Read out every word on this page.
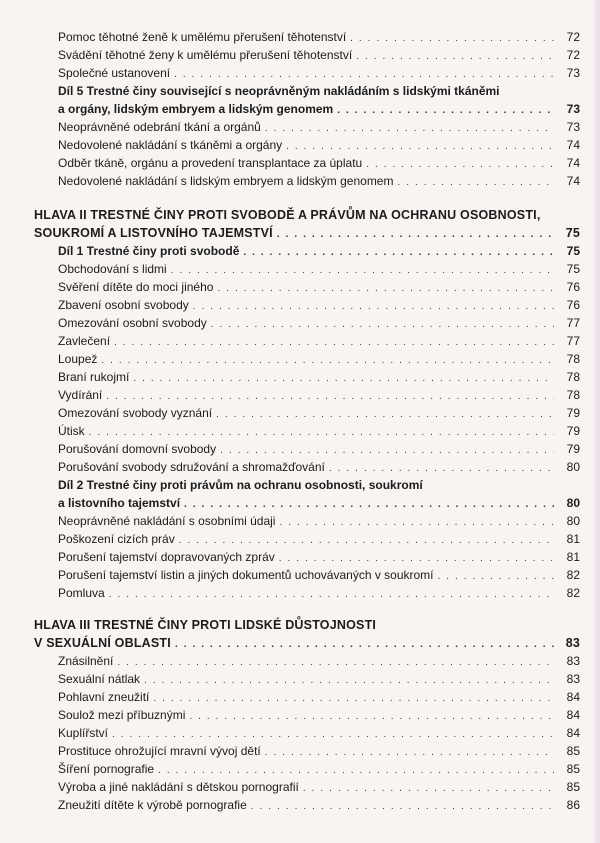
Pomoc těhotné ženě k umělému přerušení těhotenství . . .	72
Svádění těhotné ženy k umělému přerušení těhotenství . . .	72
Společné ustanovení . . .	73
Díl 5 Trestné činy související s neoprávněným nakládáním s lidskými tkáněmi
a orgány, lidským embryem a lidským genomem . . .	73
Neoprávněné odebrání tkání a orgánů . . .	73
Nedovolené nakládání s tkáněmi a orgány . . .	74
Odběr tkáně, orgánu a provedení transplantace za úplatu . . .	74
Nedovolené nakládání s lidským embryem a lidským genomem . . .	74
HLAVA II TRESTNÉ ČINY PROTI SVOBODĚ A PRÁVŮM NA OCHRANU OSOBNOSTI,
SOUKROMÍ A LISTOVNÍHO TAJEMSTVÍ . . .	75
Díl 1 Trestné činy proti svobodě . . .	75
Obchodování s lidmi . . .	75
Svěření dítěte do moci jiného . . .	76
Zbavení osobní svobody . . .	76
Omezování osobní svobody . . .	77
Zavlečení . . .	77
Loupež . . .	78
Braní rukojmí . . .	78
Vydírání . . .	78
Omezování svobody vyznání . . .	79
Útisk . . .	79
Porušování domovní svobody . . .	79
Porušování svobody sdružování a shromažďování . . .	80
Díl 2 Trestné činy proti právům na ochranu osobnosti, soukromí
a listovního tajemství . . .	80
Neoprávněné nakládání s osobními údaji . . .	80
Poškození cizích práv . . .	81
Porušení tajemství dopravovaných zpráv . . .	81
Porušení tajemství listin a jiných dokumentů uchovávaných v soukromí . . .	82
Pomluva . . .	82
HLAVA III TRESTNÉ ČINY PROTI LIDSKÉ DŮSTOJNOSTI
V SEXUÁLNÍ OBLASTI . . .	83
Znásilnění . . .	83
Sexuální nátlak . . .	83
Pohlavní zneužití . . .	84
Soulož mezi příbuznými . . .	84
Kuplířství . . .	84
Prostituce ohrožující mravní vývoj dětí . . .	85
Šíření pornografie . . .	85
Výroba a jiné nakládání s dětskou pornografií . . .	85
Zneužití dítěte k výrobě pornografie . . .	86
